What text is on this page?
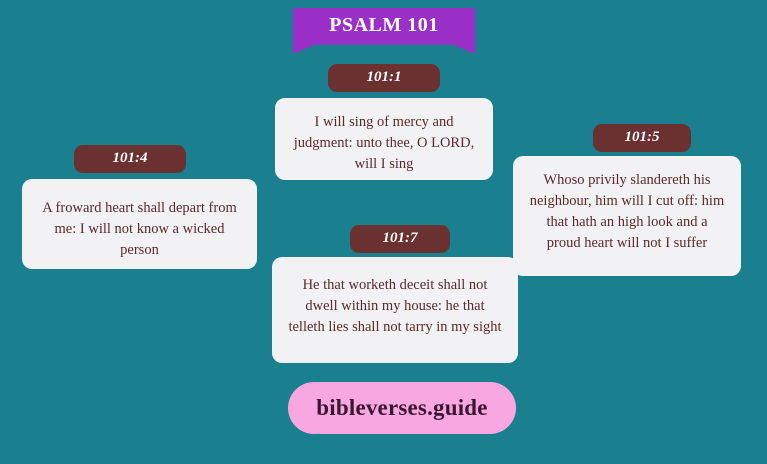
PSALM 101
101:1
I will sing of mercy and judgment: unto thee, O LORD, will I sing
101:4
A froward heart shall depart from me: I will not know a wicked person
101:5
Whoso privily slandereth his neighbour, him will I cut off: him that hath an high look and a proud heart will not I suffer
101:7
He that worketh deceit shall not dwell within my house: he that telleth lies shall not tarry in my sight
bibleverses.guide
